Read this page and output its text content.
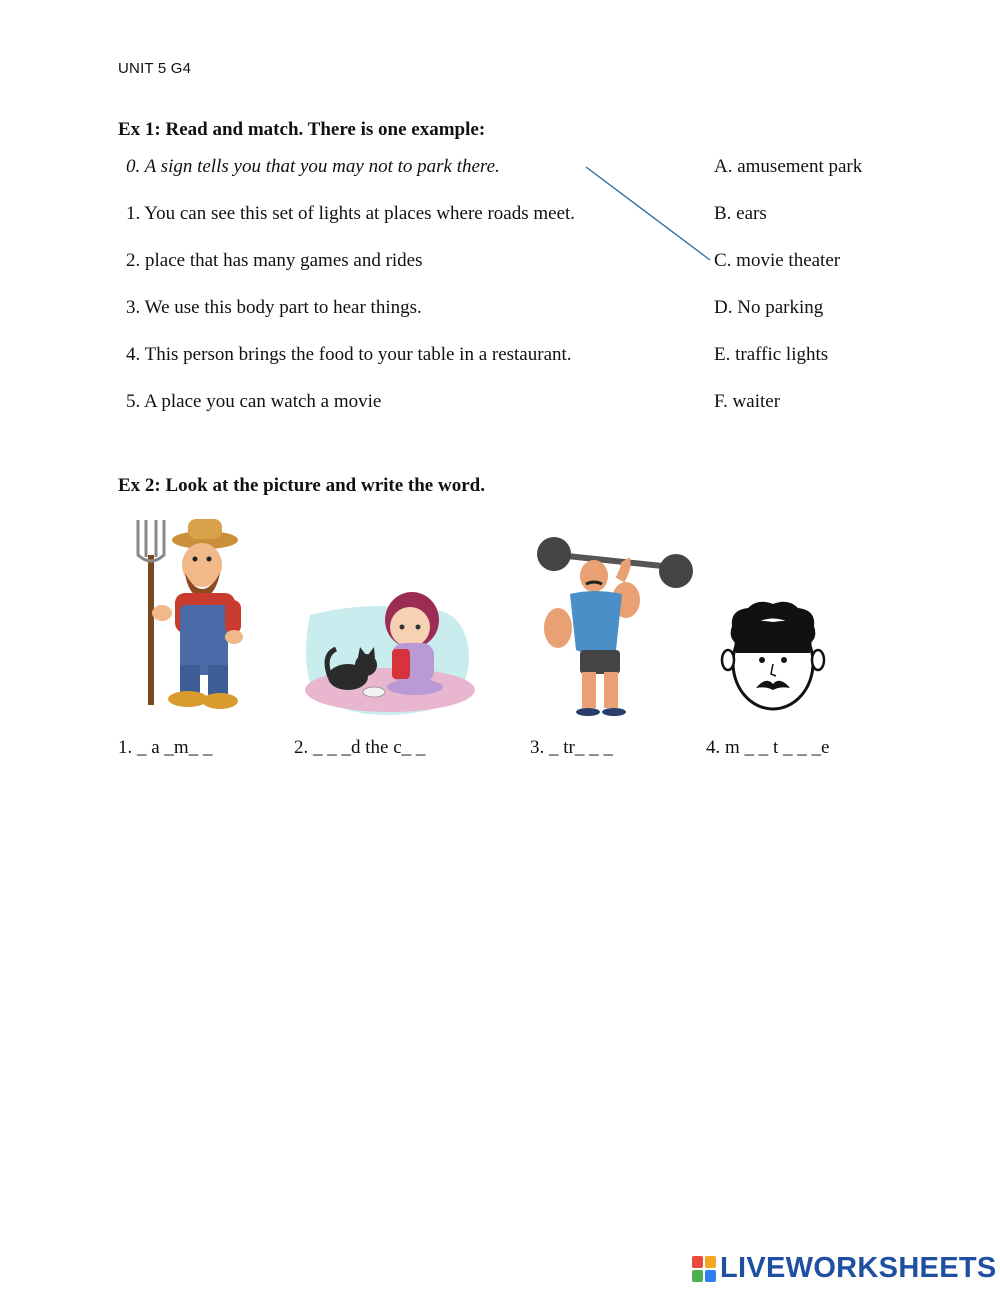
UNIT 5 G4
Ex 1: Read and match. There is one example:
0. A sign tells you that you may not to park there.
1. You can see this set of lights at places where roads meet.
2. place that has many games and rides
3. We use this body part to hear things.
4. This person brings the food to your table in a restaurant.
5. A place you can watch a movie
A. amusement park
B. ears
C. movie theater
D. No parking
E. traffic lights
F. waiter
Ex 2: Look at the picture and write the word.
1. _ a _m_ _	2. _ _ _d the c_ _	3. _ tr_ _ _	4. m _ _ t _ _ _e
LIVEWORKSHEETS
